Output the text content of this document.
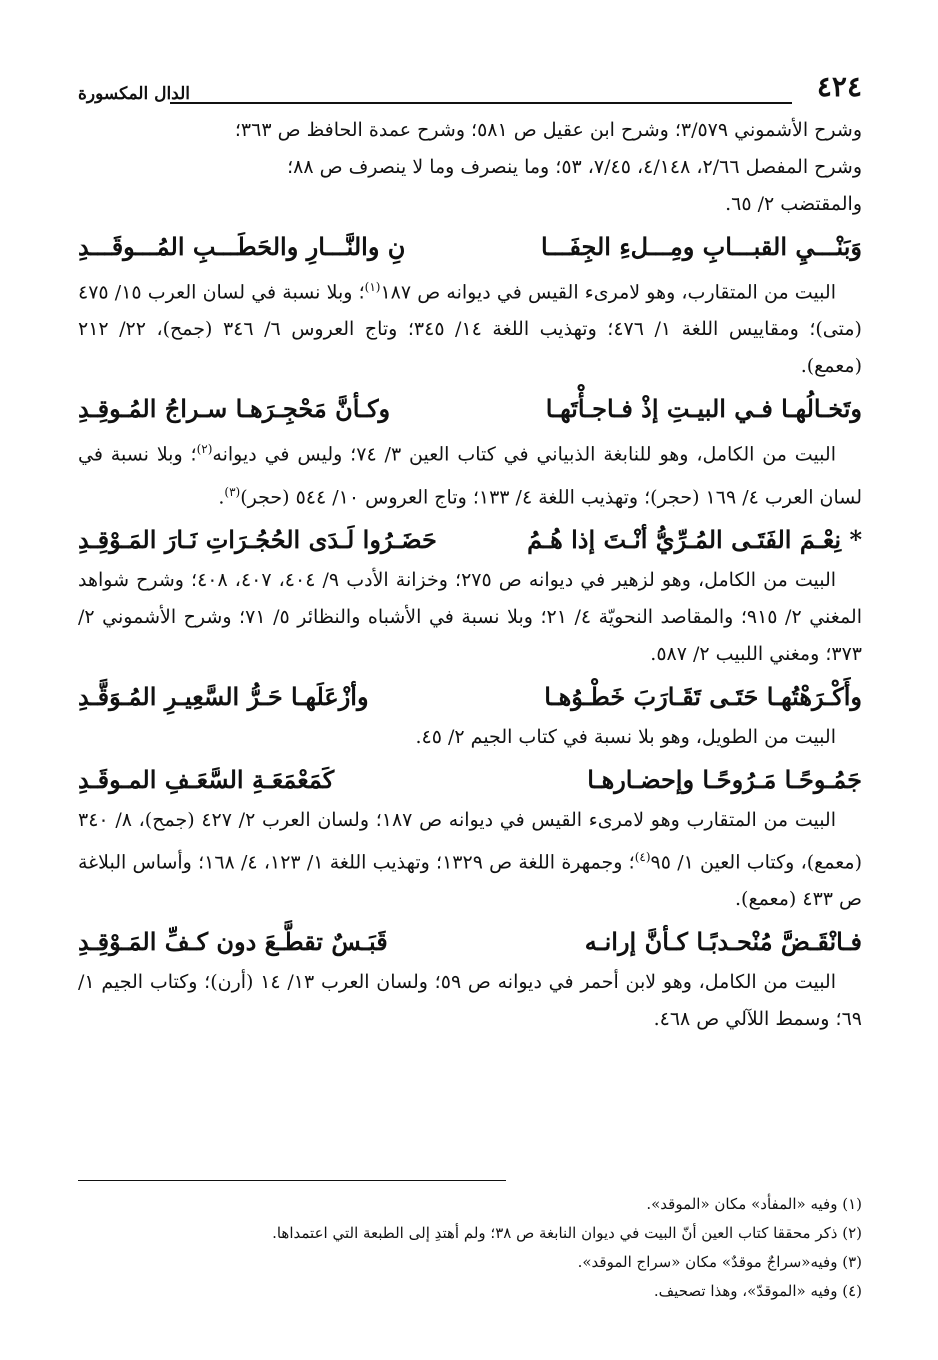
٤٢٤
الدال المكسورة

وشرح الأشموني ٣/٥٧٩؛ وشرح ابن عقيل ص ٥٨١؛ وشرح عمدة الحافظ ص ٣٦٣؛

وشرح المفصل ٢/٦٦، ٤/١٤٨، ٧/٤٥، ٥٣؛ وما ينصرف وما لا ينصرف ص ٨٨؛

والمقتضب ٢/ ٦٥.

وَبَنْـــيِ القبـــابِ ومِـــلءِ الجِفَـــا
نِ والنَّـــارِ والحَطَـــبِ المُـــوقَـــدِ

البيت من المتقارب، وهو لامرىء القيس في ديوانه ص ١٨٧$^{(١)}$؛ وبلا نسبة في لسان العرب ١٥/ ٤٧٥ (متى)؛ ومقاييس اللغة ١/ ٤٧٦؛ وتهذيب اللغة ١٤/ ٣٤٥؛ وتاج العروس ٦/ ٣٤٦ (جمح)، ٢٢/ ٢١٢ (معمع).

وتَخـالُهـا فـي البيـتِ إذْ فـاجـأْتَهـا
وكـأنَّ مَحْجِـرَهـا سـراجُ المُـوقِـدِ

البيت من الكامل، وهو للنابغة الذبياني في كتاب العين ٣/ ٧٤؛ وليس في ديوانه$^{(٢)}$؛ وبلا نسبة في لسان العرب ٤/ ١٦٩ (حجر)؛ وتهذيب اللغة ٤/ ١٣٣؛ وتاج العروس ١٠/ ٥٤٤ (حجر)$^{(٣)}$.

* نِعْـمَ الفَتَـى المُـرِّيُّ أنْـتَ إذا هُـمُ
حَضَـرُوا لَـدَى الحُجُـرَاتِ نَـارَ المَـوْقِـدِ

البيت من الكامل، وهو لزهير في ديوانه ص ٢٧٥؛ وخزانة الأدب ٩/ ٤٠٤، ٤٠٧، ٤٠٨؛ وشرح شواهد المغني ٢/ ٩١٥؛ والمقاصد النحويّة ٤/ ٢١؛ وبلا نسبة في الأشباه والنظائر ٥/ ٧١؛ وشرح الأشموني ٢/ ٣٧٣؛ ومغني اللبيب ٢/ ٥٨٧.

وأَكْـرَهْتُهـا حَتَـى تَقَـارَبَ خَطْـوُهـا
وأزْعَلَهـا حَـرُّ السَّعِيـرِ المُـوَقَّـدِ

البيت من الطويل، وهو بلا نسبة في كتاب الجيم ٢/ ٤٥.

جَمُـوحًـا مَـرُوحًـا وإحضـارهـا
كَمَعْمَعَـةِ السَّعَـفِ المـوقَـدِ

البيت من المتقارب وهو لامرىء القيس في ديوانه ص ١٨٧؛ ولسان العرب ٢/ ٤٢٧ (جمح)، ٨/ ٣٤٠ (معمع)، وكتاب العين ١/ ٩٥$^{(٤)}$؛ وجمهرة اللغة ص ١٣٢٩؛ وتهذيب اللغة ١/ ١٢٣، ٤/ ١٦٨؛ وأساس البلاغة ص ٤٣٣ (معمع).

فـانْقَـضَّ مُنْحـدبًـا كـأنَّ إرانـه
قَبَـسٌ تقطَّـعَ دون كـفِّ المَـوْقِـدِ

البيت من الكامل، وهو لابن أحمر في ديوانه ص ٥٩؛ ولسان العرب ١٣/ ١٤ (أرن)؛ وكتاب الجيم ١/ ٦٩؛ وسمط اللآلي ص ٤٦٨.

(١) وفيه «المفأد» مكان «الموقد».

(٢) ذكر محققا كتاب العين أنّ البيت في ديوان النابغة ص ٣٨؛ ولم أهتدِ إلى الطبعة التي اعتمداها.

(٣) وفيه«سراجٌ موقدٌ» مكان «سراج الموقد».

(٤) وفيه «الموقدّ»، وهذا تصحيف.
